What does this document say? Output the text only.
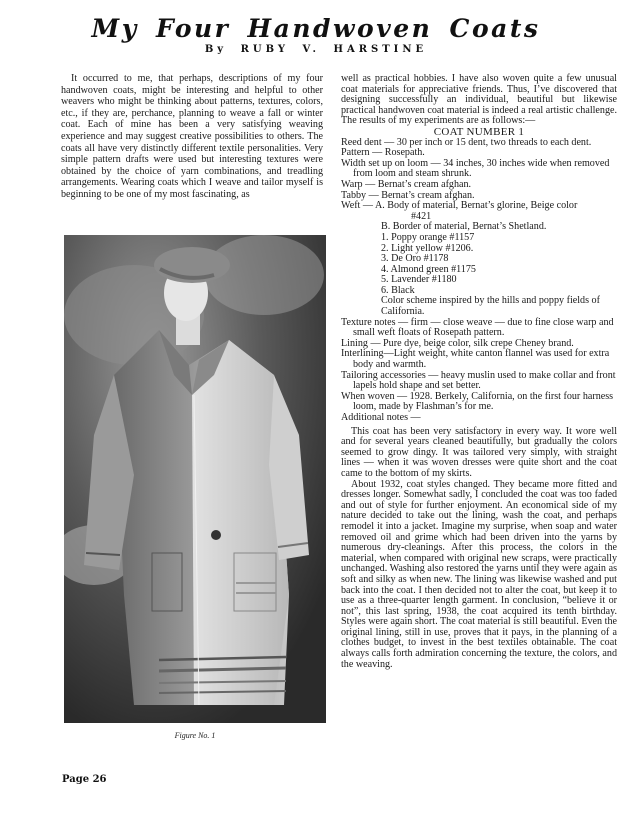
My Four Handwoven Coats
By RUBY V. HARSTINE

It occurred to me, that perhaps, descriptions of my four handwoven coats, might be interesting and helpful to other weavers who might be thinking about patterns, textures, colors, etc., if they are, perchance, planning to weave a fall or winter coat. Each of mine has been a very satisfying weaving experience and may suggest creative possibilities to others. The coats all have very distinctly different textile personalities. Very simple pattern drafts were used but interesting textures were obtained by the choice of yarn combinations, and treadling arrangements. Wearing coats which I weave and tailor myself is beginning to be one of my most fascinating, as

Figure No. 1

well as practical hobbies. I have also woven quite a few unusual coat materials for appreciative friends. Thus, I’ve discovered that designing successfully an individual, beautiful but likewise practical handwoven coat material is indeed a real artistic challenge. The results of my experiments are as follows:—

COAT NUMBER 1

Reed dent — 30 per inch or 15 dent, two threads to each dent.

Pattern — Rosepath.

Width set up on loom — 34 inches, 30 inches wide when removed from loom and steam shrunk.

Warp — Bernat’s cream afghan.

Tabby — Bernat’s cream afghan.

Weft — A. Body of material, Bernat’s glorine, Beige color

#421

B. Border of material, Bernat’s Shetland.

1. Poppy orange #1157

2. Light yellow #1206.

3. De Oro #1178

4. Almond green #1175

5. Lavender #1180

6. Black

Color scheme inspired by the hills and poppy fields of California.

Texture notes — firm — close weave — due to fine close warp and small weft floats of Rosepath pattern.

Lining — Pure dye, beige color, silk crepe Cheney brand.

Interlining—Light weight, white canton flannel was used for extra body and warmth.

Tailoring accessories — heavy muslin used to make collar and front lapels hold shape and set better.

When woven — 1928. Berkely, California, on the first four harness loom, made by Flashman’s for me.

Additional notes —

This coat has been very satisfactory in every way. It wore well and for several years cleaned beautifully, but gradually the colors seemed to grow dingy. It was tailored very simply, with straight lines — when it was woven dresses were quite short and the coat came to the bottom of my skirts.

About 1932, coat styles changed. They became more fitted and dresses longer. Somewhat sadly, I concluded the coat was too faded and out of style for further enjoyment. An economical side of my nature decided to take out the lining, wash the coat, and perhaps remodel it into a jacket. Imagine my surprise, when soap and water removed oil and grime which had been driven into the yarns by numerous dry-cleanings. After this process, the colors in the material, when compared with original new scraps, were practically unchanged. Washing also restored the yarns until they were again as soft and silky as when new. The lining was likewise washed and put back into the coat. I then decided not to alter the coat, but keep it to use as a three-quarter length garment. In conclusion, “believe it or not”, this last spring, 1938, the coat acquired its tenth birthday. Styles were again short. The coat material is still beautiful. Even the original lining, still in use, proves that it pays, in the planning of a clothes budget, to invest in the best textiles obtainable. The coat always calls forth admiration concerning the texture, the colors, and the weaving.

Page 26
